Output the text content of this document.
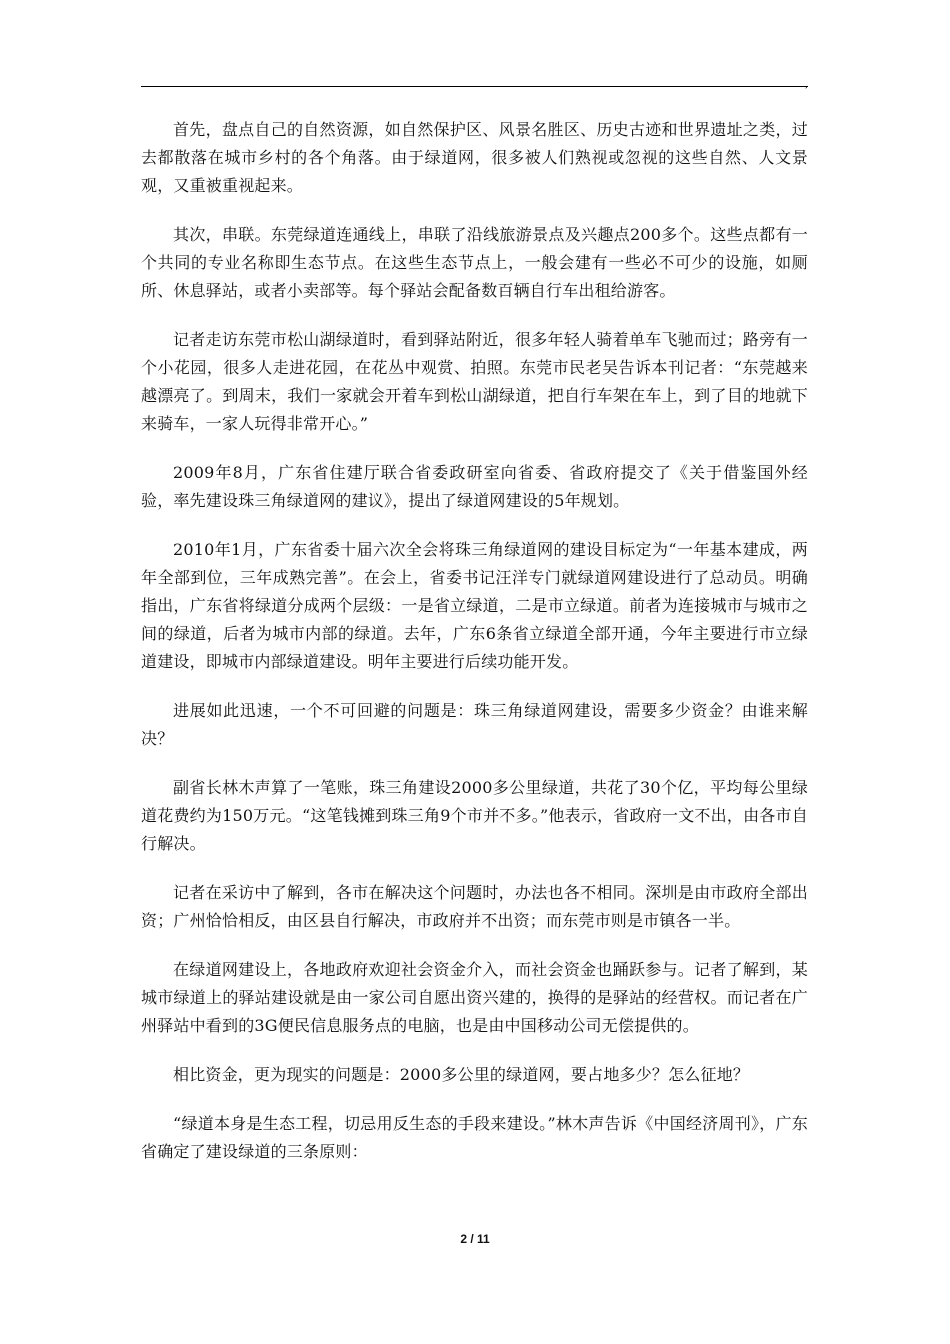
,

首先，盘点自己的自然资源，如自然保护区、风景名胜区、历史古迹和世界遗址之类，过去都散落在城市乡村的各个角落。由于绿道网，很多被人们熟视或忽视的这些自然、人文景观，又重被重视起来。

其次，串联。东莞绿道连通线上，串联了沿线旅游景点及兴趣点200多个。这些点都有一个共同的专业名称即生态节点。在这些生态节点上，一般会建有一些必不可少的设施，如厕所、休息驿站，或者小卖部等。每个驿站会配备数百辆自行车出租给游客。

记者走访东莞市松山湖绿道时，看到驿站附近，很多年轻人骑着单车飞驰而过；路旁有一个小花园，很多人走进花园，在花丛中观赏、拍照。东莞市民老吴告诉本刊记者：“东莞越来越漂亮了。到周末，我们一家就会开着车到松山湖绿道，把自行车架在车上，到了目的地就下来骑车，一家人玩得非常开心。”

2009年8月，广东省住建厅联合省委政研室向省委、省政府提交了《关于借鉴国外经验，率先建设珠三角绿道网的建议》，提出了绿道网建设的5年规划。

2010年1月，广东省委十届六次全会将珠三角绿道网的建设目标定为“一年基本建成，两年全部到位，三年成熟完善”。在会上，省委书记汪洋专门就绿道网建设进行了总动员。明确指出，广东省将绿道分成两个层级：一是省立绿道，二是市立绿道。前者为连接城市与城市之间的绿道，后者为城市内部的绿道。去年，广东6条省立绿道全部开通，今年主要进行市立绿道建设，即城市内部绿道建设。明年主要进行后续功能开发。

进展如此迅速，一个不可回避的问题是：珠三角绿道网建设，需要多少资金？由谁来解决？

副省长林木声算了一笔账，珠三角建设2000多公里绿道，共花了30个亿，平均每公里绿道花费约为150万元。“这笔钱摊到珠三角9个市并不多。”他表示，省政府一文不出，由各市自行解决。

记者在采访中了解到，各市在解决这个问题时，办法也各不相同。深圳是由市政府全部出资；广州恰恰相反，由区县自行解决，市政府并不出资；而东莞市则是市镇各一半。

在绿道网建设上，各地政府欢迎社会资金介入，而社会资金也踊跃参与。记者了解到，某城市绿道上的驿站建设就是由一家公司自愿出资兴建的，换得的是驿站的经营权。而记者在广州驿站中看到的3G便民信息服务点的电脑，也是由中国移动公司无偿提供的。

相比资金，更为现实的问题是：2000多公里的绿道网，要占地多少？怎么征地？

“绿道本身是生态工程，切忌用反生态的手段来建设。”林木声告诉《中国经济周刊》，广东省确定了建设绿道的三条原则：

2 / 11
